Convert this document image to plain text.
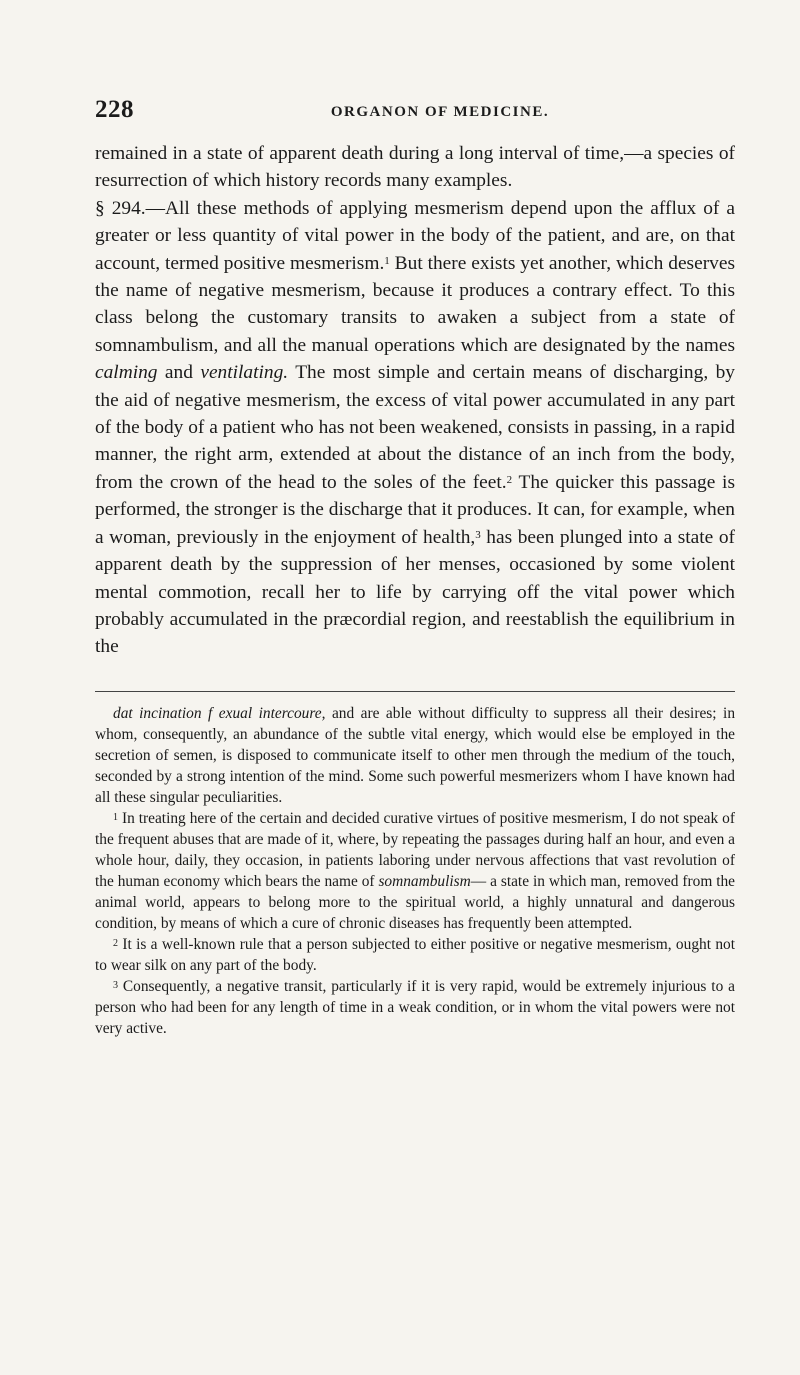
228	ORGANON OF MEDICINE.

remained in a state of apparent death during a long interval of time,—a species of resurrection of which history records many examples.

§ 294.—All these methods of applying mesmerism depend upon the afflux of a greater or less quantity of vital power in the body of the patient, and are, on that account, termed positive mesmerism.$^1$ But there exists yet another, which deserves the name of negative mesmerism, because it produces a contrary effect. To this class belong the customary transits to awaken a subject from a state of somnambulism, and all the manual operations which are designated by the names calming and ventilating. The most simple and certain means of discharging, by the aid of negative mesmerism, the excess of vital power accumulated in any part of the body of a patient who has not been weakened, consists in passing, in a rapid manner, the right arm, extended at about the distance of an inch from the body, from the crown of the head to the soles of the feet.$^2$ The quicker this passage is performed, the stronger is the discharge that it produces. It can, for example, when a woman, previously in the enjoyment of health,$^3$ has been plunged into a state of apparent death by the suppression of her menses, occasioned by some violent mental commotion, recall her to life by carrying off the vital power which probably accumulated in the præcordial region, and reestablish the equilibrium in the

dat incination f exual intercoure, and are able without difficulty to suppress all their desires; in whom, consequently, an abundance of the subtle vital energy, which would else be employed in the secretion of semen, is disposed to communicate itself to other men through the medium of the touch, seconded by a strong intention of the mind. Some such powerful mesmerizers whom I have known had all these singular peculiarities.

$^1$ In treating here of the certain and decided curative virtues of positive mesmerism, I do not speak of the frequent abuses that are made of it, where, by repeating the passages during half an hour, and even a whole hour, daily, they occasion, in patients laboring under nervous affections that vast revolution of the human economy which bears the name of somnambulism— a state in which man, removed from the animal world, appears to belong more to the spiritual world, a highly unnatural and dangerous condition, by means of which a cure of chronic diseases has frequently been attempted.

$^2$ It is a well-known rule that a person subjected to either positive or negative mesmerism, ought not to wear silk on any part of the body.

$^3$ Consequently, a negative transit, particularly if it is very rapid, would be extremely injurious to a person who had been for any length of time in a weak condition, or in whom the vital powers were not very active.
